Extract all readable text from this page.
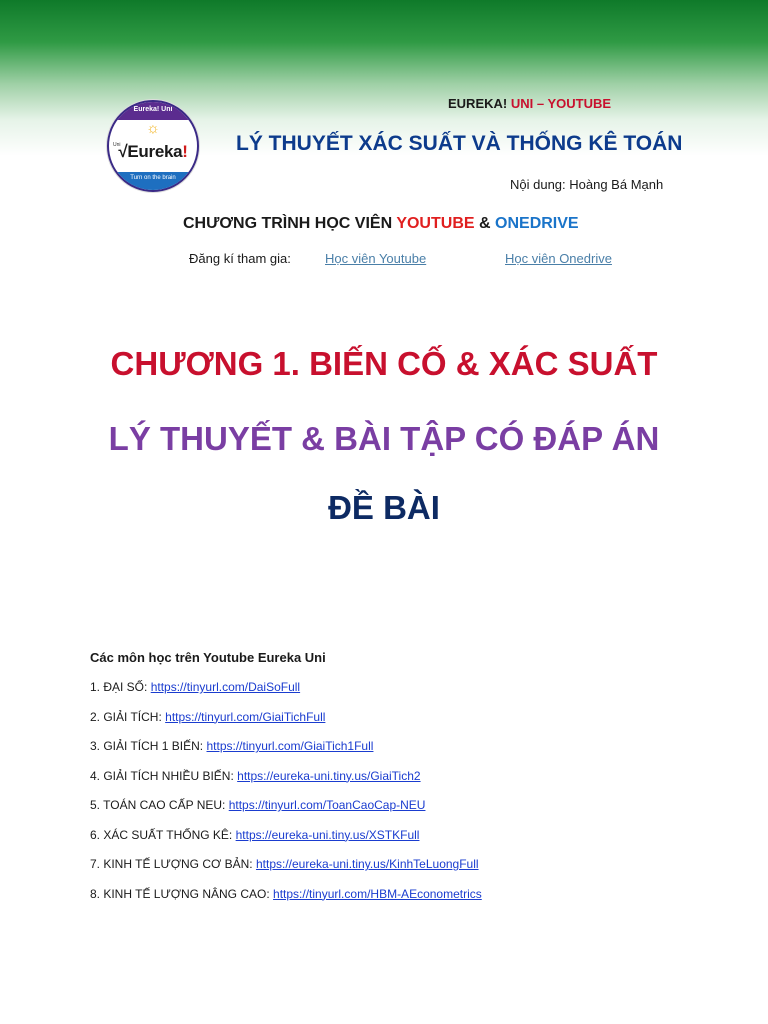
Eureka! Uni
☼
Uni
√Eureka!
Turn on the brain
EUREKA! UNI – YOUTUBE
LÝ THUYẾT XÁC SUẤT VÀ THỐNG KÊ TOÁN
Nội dung: Hoàng Bá Mạnh
CHƯƠNG TRÌNH HỌC VIÊN YOUTUBE & ONEDRIVE
Đăng kí tham gia:	Học viên Youtube	Học viên Onedrive
CHƯƠNG 1. BIẾN CỐ & XÁC SUẤT
LÝ THUYẾT & BÀI TẬP CÓ ĐÁP ÁN
ĐỀ BÀI
Các môn học trên Youtube Eureka Uni
1. ĐẠI SỐ: https://tinyurl.com/DaiSoFull
2. GIẢI TÍCH: https://tinyurl.com/GiaiTichFull
3. GIẢI TÍCH 1 BIẾN: https://tinyurl.com/GiaiTich1Full
4. GIẢI TÍCH NHIỀU BIẾN: https://eureka-uni.tiny.us/GiaiTich2
5. TOÁN CAO CẤP NEU: https://tinyurl.com/ToanCaoCap-NEU
6. XÁC SUẤT THỐNG KÊ: https://eureka-uni.tiny.us/XSTKFull
7. KINH TẾ LƯỢNG CƠ BẢN: https://eureka-uni.tiny.us/KinhTeLuongFull
8. KINH TẾ LƯỢNG NÂNG CAO: https://tinyurl.com/HBM-AEconometrics
